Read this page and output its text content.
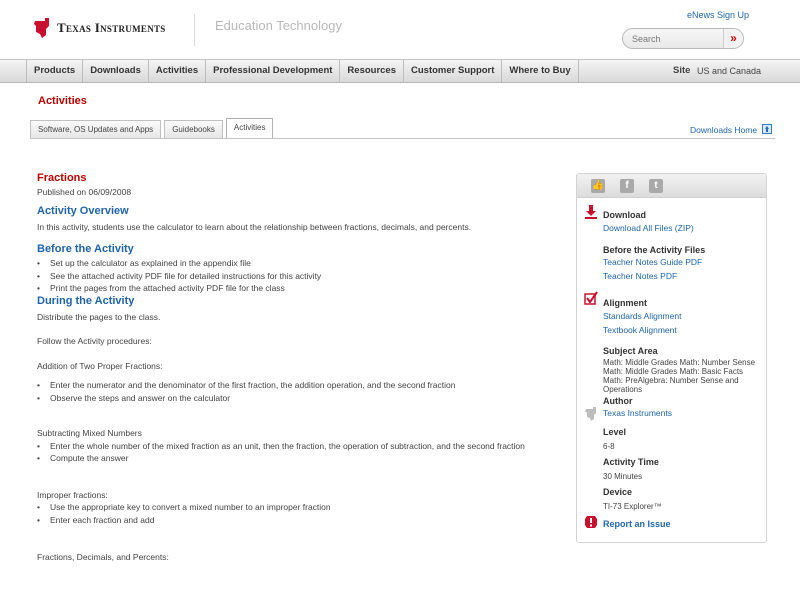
Texas Instruments	Education Technology
eNews Sign Up
Search
»
Products	Downloads	Activities	Professional Development	Resources	Customer Support	Where to Buy	Site US and Canada
Activities
Software, OS Updates and Apps	Guidebooks	Activities	Downloads Home
Fractions
Published on 06/09/2008
Activity Overview
In this activity, students use the calculator to learn about the relationship between fractions, decimals, and percents.
Before the Activity
• Set up the calculator as explained in the appendix file
• See the attached activity PDF file for detailed instructions for this activity
• Print the pages from the attached activity PDF file for the class
During the Activity
Distribute the pages to the class.
Follow the Activity procedures:
Addition of Two Proper Fractions:
• Enter the numerator and the denominator of the first fraction, the addition operation, and the second fraction
• Observe the steps and answer on the calculator
Subtracting Mixed Numbers
• Enter the whole number of the mixed fraction as an unit, then the fraction, the operation of subtraction, and the second fraction
• Compute the answer
Improper fractions:
• Use the appropriate key to convert a mixed number to an improper fraction
• Enter each fraction and add
Fractions, Decimals, and Percents:
👍	f	t
Download
Download All Files (ZIP)
Before the Activity Files
Teacher Notes Guide PDF
Teacher Notes PDF
Alignment
Standards Alignment
Textbook Alignment
Subject Area
Math: Middle Grades Math: Number Sense
Math: Middle Grades Math: Basic Facts
Math: PreAlgebra: Number Sense and
Operations
Author
Texas Instruments
Level
6-8
Activity Time
30 Minutes
Device
TI-73 Explorer™
Report an Issue
